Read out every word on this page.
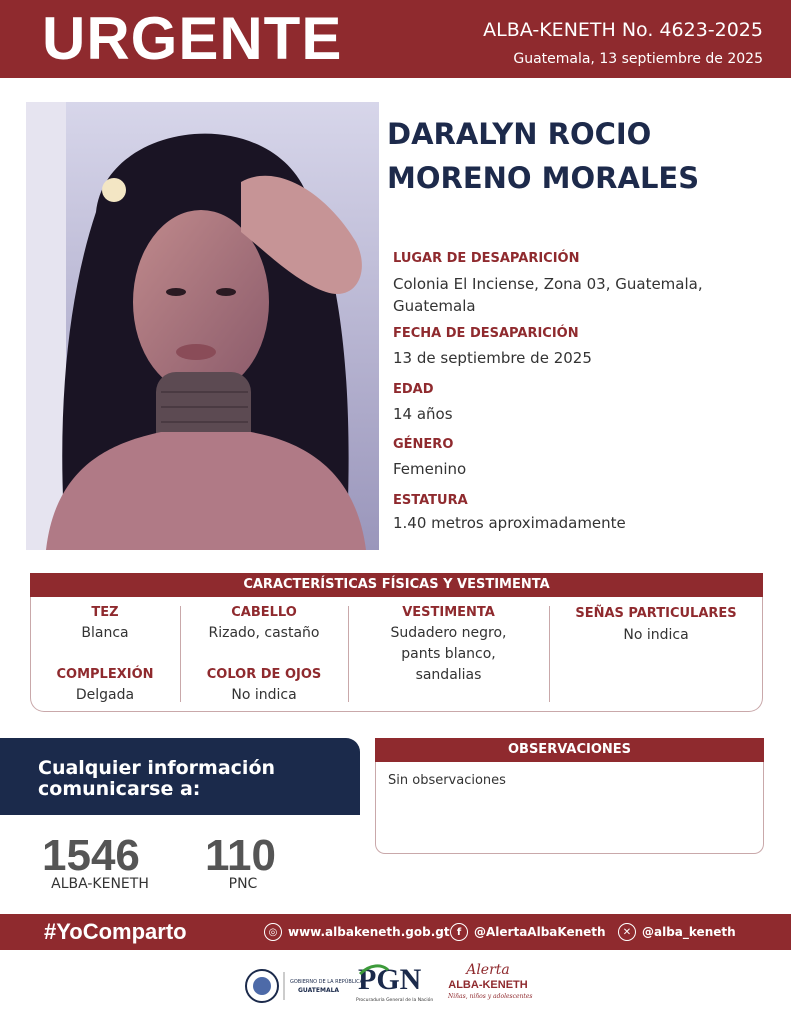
URGENTE	ALBA-KENETH No. 4623-2025
Guatemala, 13 septiembre de 2025
DARALYN ROCIO
MORENO MORALES
LUGAR DE DESAPARICIÓN
Colonia El Inciense, Zona 03, Guatemala,
Guatemala
FECHA DE DESAPARICIÓN
13 de septiembre de 2025
EDAD
14 años
GÉNERO
Femenino
ESTATURA
1.40 metros aproximadamente
CARACTERÍSTICAS FÍSICAS Y VESTIMENTA
TEZ
Blanca
COMPLEXIÓN
Delgada
CABELLO
Rizado, castaño
COLOR DE OJOS
No indica
VESTIMENTA
Sudadero negro,
pants blanco,
sandalias
SEÑAS PARTICULARES
No indica
Cualquier información
comunicarse a:
1546
ALBA-KENETH
110
PNC
OBSERVACIONES
Sin observaciones
#YoComparto	◎ www.albakeneth.gob.gt f	@AlertaAlbaKeneth	✕ @alba_keneth
GOBIERNO DE LA REPÚBLICA
GUATEMALA PGN
Procuraduría General de la Nación
Alerta
ALBA-KENETH
Niñas, niños y adolescentes
